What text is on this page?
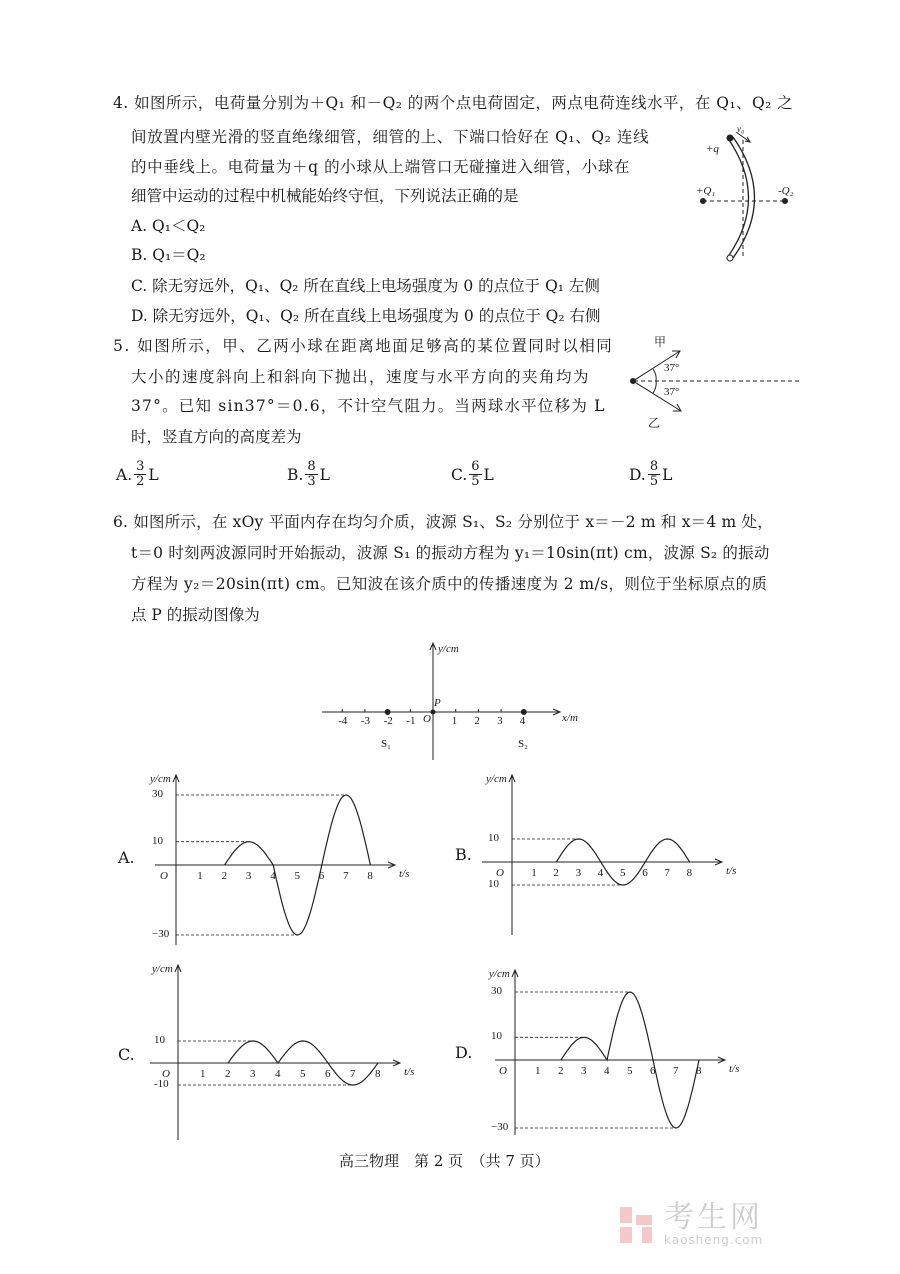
4. 如图所示，电荷量分别为＋Q₁ 和－Q₂ 的两个点电荷固定，两点电荷连线水平，在 Q₁、Q₂ 之
间放置内壁光滑的竖直绝缘细管，细管的上、下端口恰好在 Q₁、Q₂ 连线
的中垂线上。电荷量为＋q 的小球从上端管口无碰撞进入细管，小球在
细管中运动的过程中机械能始终守恒，下列说法正确的是
A. Q₁＜Q₂
B. Q₁＝Q₂
C. 除无穷远外，Q₁、Q₂ 所在直线上电场强度为 0 的点位于 Q₁ 左侧
D. 除无穷远外，Q₁、Q₂ 所在直线上电场强度为 0 的点位于 Q₂ 右侧
+q
v₀
+Q₁	-Q₂
5. 如图所示，甲、乙两小球在距离地面足够高的某位置同时以相同
大小的速度斜向上和斜向下抛出，速度与水平方向的夹角均为
37°。已知 sin37°＝0.6，不计空气阻力。当两球水平位移为 L
时，竖直方向的高度差为
甲
乙
37°
37°
A. $\frac{3}{2}$ L	B. $\frac{8}{3}$ L	C. $\frac{6}{5}$ L	D. $\frac{8}{5}$ L
6. 如图所示，在 xOy 平面内存在均匀介质，波源 S₁、S₂ 分别位于 x＝－2 m 和 x＝4 m 处，
t＝0 时刻两波源同时开始振动，波源 S₁ 的振动方程为 y₁＝10sin(πt) cm，波源 S₂ 的振动
方程为 y₂＝20sin(πt) cm。已知波在该介质中的传播速度为 2 m/s，则位于坐标原点的质
点 P 的振动图像为
y/cm
x/m
O
P
S₁	S₂
-4 -3 -2 -1	1 2 3 4
30
10
−30
1 2 3 4 5 6 7 8
O
y/cm
t/s
A.
10
10
1 2 3 4 5 6 7 8
O
y/cm
t/s
B.
10
-10
1 2 3 4 5 6 7 8
O
y/cm
t/s
C.
30
10
−30
1 2 3 4 5 6 7 8
O
y/cm
t/s
D.
高三物理　第 2 页　（共 7 页）
考生网
kaosheng.com
